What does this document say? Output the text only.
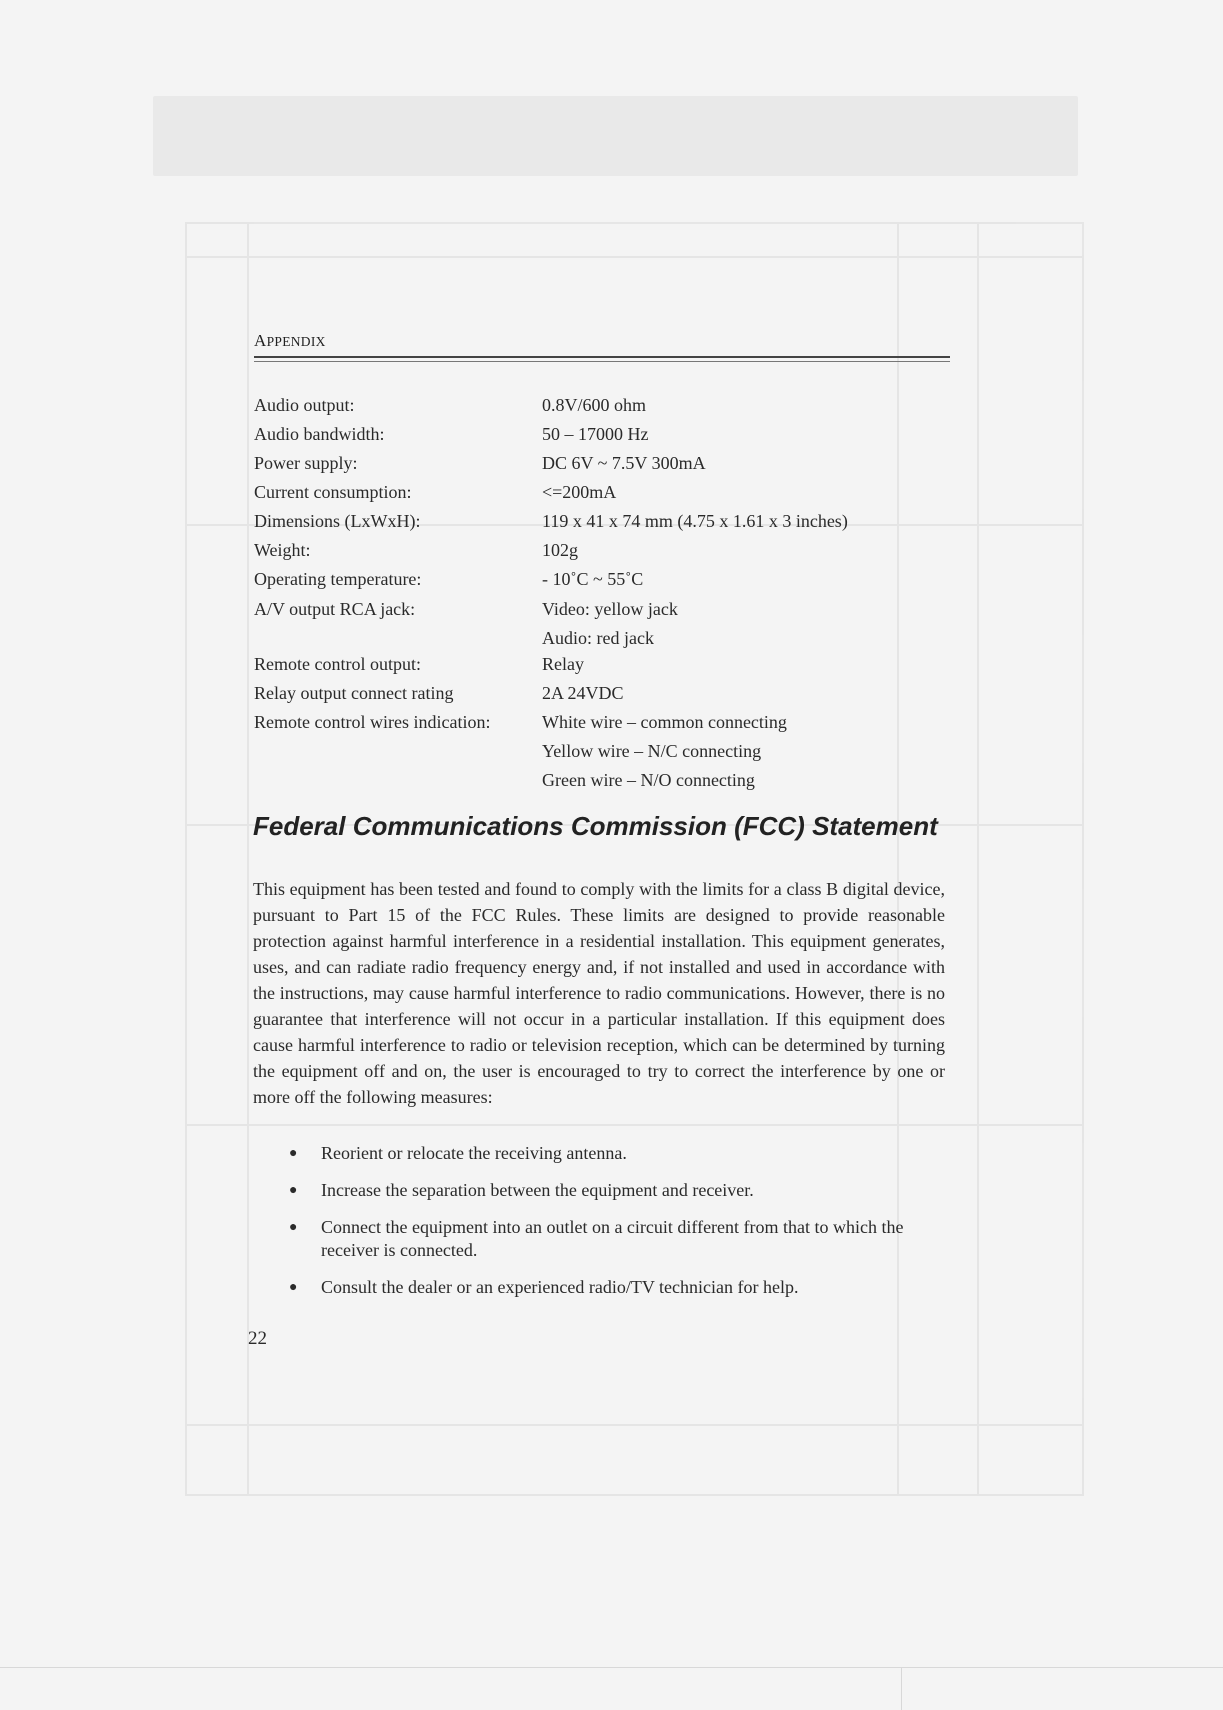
APPENDIX
Audio output:	0.8V/600 ohm
Audio bandwidth:	50 – 17000 Hz
Power supply:	DC 6V ~ 7.5V 300mA
Current consumption:	<=200mA
Dimensions (LxWxH):	119 x 41 x 74 mm (4.75 x 1.61 x 3 inches)
Weight:	102g
Operating temperature:	- 10˚C ~ 55˚C
A/V output RCA jack:	Video: yellow jack
Audio: red jack
Remote control output:	Relay
Relay output connect rating	2A 24VDC
Remote control wires indication:	White wire – common connecting
Yellow wire – N/C connecting
Green wire – N/O connecting
Federal Communications Commission (FCC) Statement

This equipment has been tested and found to comply with the limits for a class B digital device, pursuant to Part 15 of the FCC Rules. These limits are designed to provide reasonable protection against harmful interference in a residential installation. This equipment generates, uses, and can radiate radio frequency energy and, if not installed and used in accordance with the instructions, may cause harmful interference to radio communications. However, there is no guarantee that interference will not occur in a particular installation. If this equipment does cause harmful interference to radio or television reception, which can be determined by turning the equipment off and on, the user is encouraged to try to correct the interference by one or more off the following measures:

● Reorient or relocate the receiving antenna.
● Increase the separation between the equipment and receiver.
● Connect the equipment into an outlet on a circuit different from that to which the receiver is connected.
● Consult the dealer or an experienced radio/TV technician for help.
22
